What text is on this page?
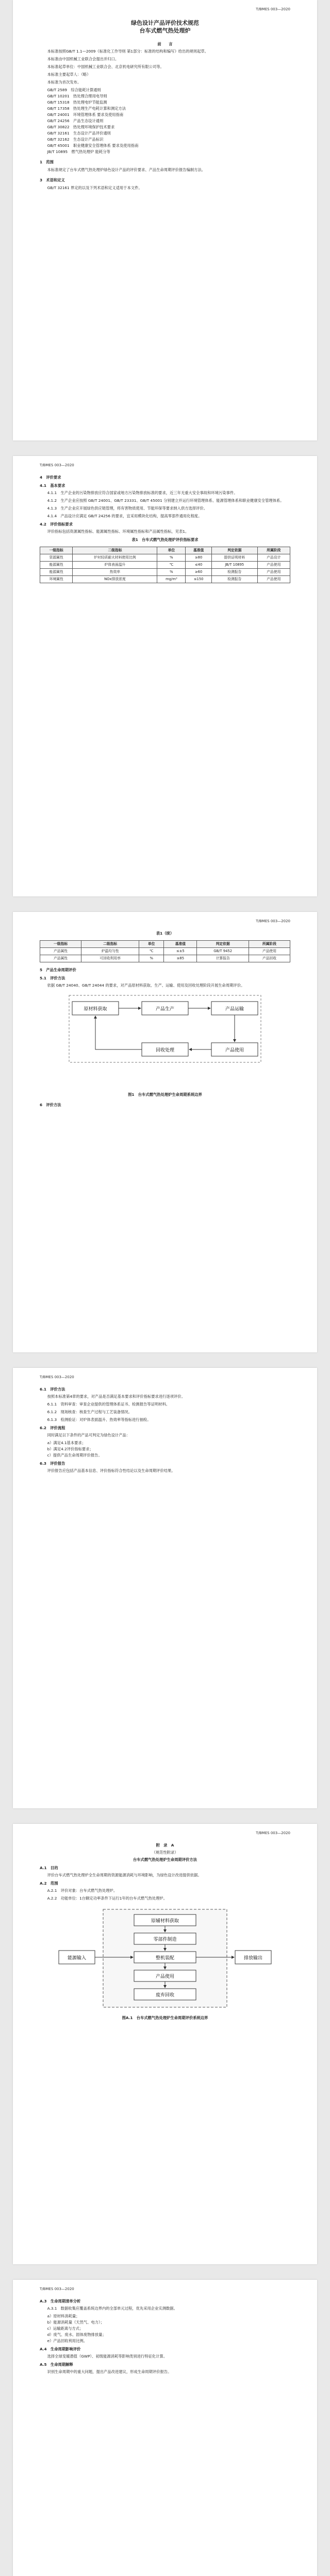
T/BMES 003—2020
绿色设计产品评价技术规范
台车式燃气热处理炉
前　　言

本标准按照GB/T 1.1—2009《标准化工作导则 第1部分：标准的结构和编写》给出的规则起草。

本标准由中国机械工业联合会提出并归口。

本标准起草单位：中国机械工业联合会、北京机电研究所有限公司等。

本标准主要起草人：（略）

本标准为首次发布。

GB/T 2589　综合能耗计算通则
GB/T 10201　热处理合理用电导则
GB/T 15318　热处理电炉节能监测
GB/T 17358　热处理生产电耗计算和测定方法
GB/T 24001　环境管理体系 要求及使用指南
GB/T 24256　产品生态设计通则
GB/T 30822　热处理环境保护技术要求
GB/T 32161　生态设计产品评价通则
GB/T 32162　生态设计产品标识
GB/T 45001　职业健康安全管理体系 要求及使用指南
JB/T 10895　燃气热处理炉 能耗分等
1　范围

本标准规定了台车式燃气热处理炉绿色设计产品的评价要求、产品生命周期评价报告编制方法。

3　术语和定义

GB/T 32161 界定的以及下列术语和定义适用于本文件。

T/BMES 003—2020
4　评价要求
4.1　基本要求

4.1.1　生产企业的污染物排放应符合国家或地方污染物排放标准的要求，近三年无重大安全事故和环境污染事件。

4.1.2　生产企业应按照 GB/T 24001、GB/T 23331、GB/T 45001 分别建立并运行环境管理体系、能源管理体系和职业健康安全管理体系。

4.1.3　生产企业应开展绿色供应链管理，将有害物质使用、节能环保等要求纳入供方选择评价。

4.1.4　产品设计应满足 GB/T 24256 的要求，宜采用模块化结构，提高零部件通用化程度。

4.2　评价指标要求

评价指标包括资源属性指标、能源属性指标、环境属性指标和产品属性指标，见表1。

表1　台车式燃气热处理炉评价指标要求
一级指标	二级指标	单位	基准值	判定依据	所属阶段
资源属性	炉衬轻质耐火材料使用比例	%	≥80	提供证明材料	产品设计
能源属性	炉体表面温升	℃	≤40	JB/T 10895	产品使用
能源属性	热效率	%	≥60	检测报告	产品使用
环境属性	NOx排放浓度	mg/m³	≤150	检测报告	产品使用
T/BMES 003—2020
表1（续）
一级指标	二级指标	单位	基准值	判定依据	所属阶段
产品属性	炉温均匀性	℃	≤±5	GB/T 9452	产品使用
产品属性	可回收利用率	%	≥85	计算报告	产品回收
5　产品生命周期评价
5.1　评价方法

依据 GB/T 24040、GB/T 24044 的要求，对产品原材料获取、生产、运输、使用及回收处理阶段开展生命周期评价。

原材料获取	产品生产	产品运输
产品使用
回收处理
图1　台车式燃气热处理炉生命周期系统边界
6　评价方法
T/BMES 003—2020
6.1　评价方法

按照本标准第4章的要求，对产品是否满足基本要求和评价指标要求进行逐项评价。

6.1.1　资料审查：审查企业提供的管理体系证书、检测报告等证明材料。

6.1.2　现场核查：核查生产过程与工艺装备情况。

6.1.3　检测验证：对炉体表面温升、热效率等指标进行抽检。

6.2　评价流程

同时满足以下条件的产品可判定为绿色设计产品：

a）满足4.1基本要求；
b）满足4.2评价指标要求；
c）提供产品生命周期评价报告。
6.3　评价报告

评价报告应包括产品基本信息、评价指标符合性结论以及生命周期评价结果。

T/BMES 003—2020
附　录　A
（规范性附录）
台车式燃气热处理炉生命周期评价方法
A.1　目的

评价台车式燃气热处理炉全生命周期的资源能源消耗与环境影响，为绿色设计改进提供依据。

A.2　范围

A.2.1　评价对象：台车式燃气热处理炉。

A.2.2　功能单位：1台额定功率条件下运行1年的台车式燃气热处理炉。

原辅材料获取
零部件制造
整机装配
产品使用
废弃回收
能源输入	排放输出
图A.1　台车式燃气热处理炉生命周期评价系统边界
T/BMES 003—2020
A.3　生命周期清单分析

A.3.1　数据收集应覆盖系统边界内的全部单元过程，优先采用企业实测数据。

a）原材料消耗量；
b）能源消耗量（天然气、电力）；
c）运输距离与方式；
d）废气、废水、固体废物排放量；
e）产品回收利用比例。
A.4　生命周期影响评价

选择全球变暖潜值（GWP）、初级能源消耗等影响类别进行特征化计算。

A.5　生命周期解释

识别生命周期中的重大问题，提出产品改进建议，形成生命周期评价报告。
